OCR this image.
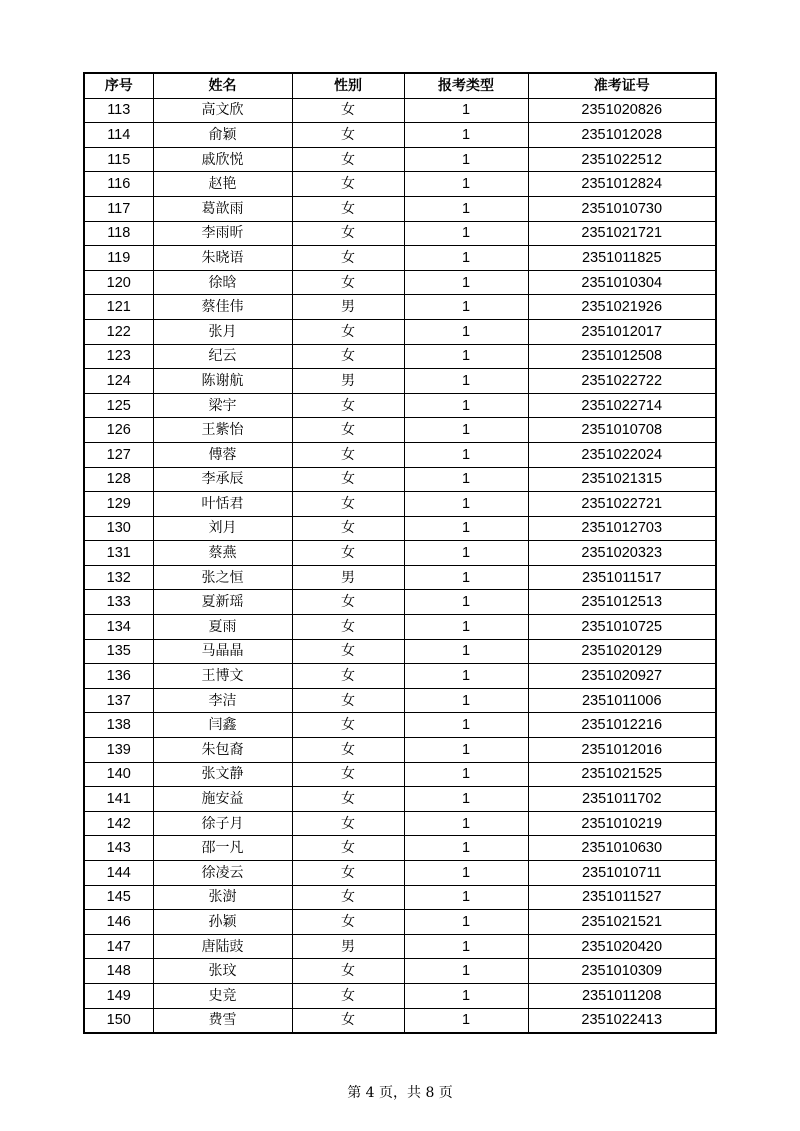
序号	姓名	性别	报考类型	准考证号
113	高文欣	女	1	2351020826
114	俞颖	女	1	2351012028
115	戚欣悦	女	1	2351022512
116	赵艳	女	1	2351012824
117	葛歆雨	女	1	2351010730
118	李雨昕	女	1	2351021721
119	朱晓语	女	1	2351011825
120	徐晗	女	1	2351010304
121	蔡佳伟	男	1	2351021926
122	张月	女	1	2351012017
123	纪云	女	1	2351012508
124	陈谢航	男	1	2351022722
125	梁宇	女	1	2351022714
126	王紫怡	女	1	2351010708
127	傅蓉	女	1	2351022024
128	李承辰	女	1	2351021315
129	叶恬君	女	1	2351022721
130	刘月	女	1	2351012703
131	蔡燕	女	1	2351020323
132	张之恒	男	1	2351011517
133	夏新瑶	女	1	2351012513
134	夏雨	女	1	2351010725
135	马晶晶	女	1	2351020129
136	王博文	女	1	2351020927
137	李洁	女	1	2351011006
138	闫鑫	女	1	2351012216
139	朱包裔	女	1	2351012016
140	张文静	女	1	2351021525
141	施安益	女	1	2351011702
142	徐子月	女	1	2351010219
143	邵一凡	女	1	2351010630
144	徐凌云	女	1	2351010711
145	张澍	女	1	2351011527
146	孙颖	女	1	2351021521
147	唐陆豉	男	1	2351020420
148	张玟	女	1	2351010309
149	史竞	女	1	2351011208
150	费雪	女	1	2351022413
第 4 页，共 8 页
